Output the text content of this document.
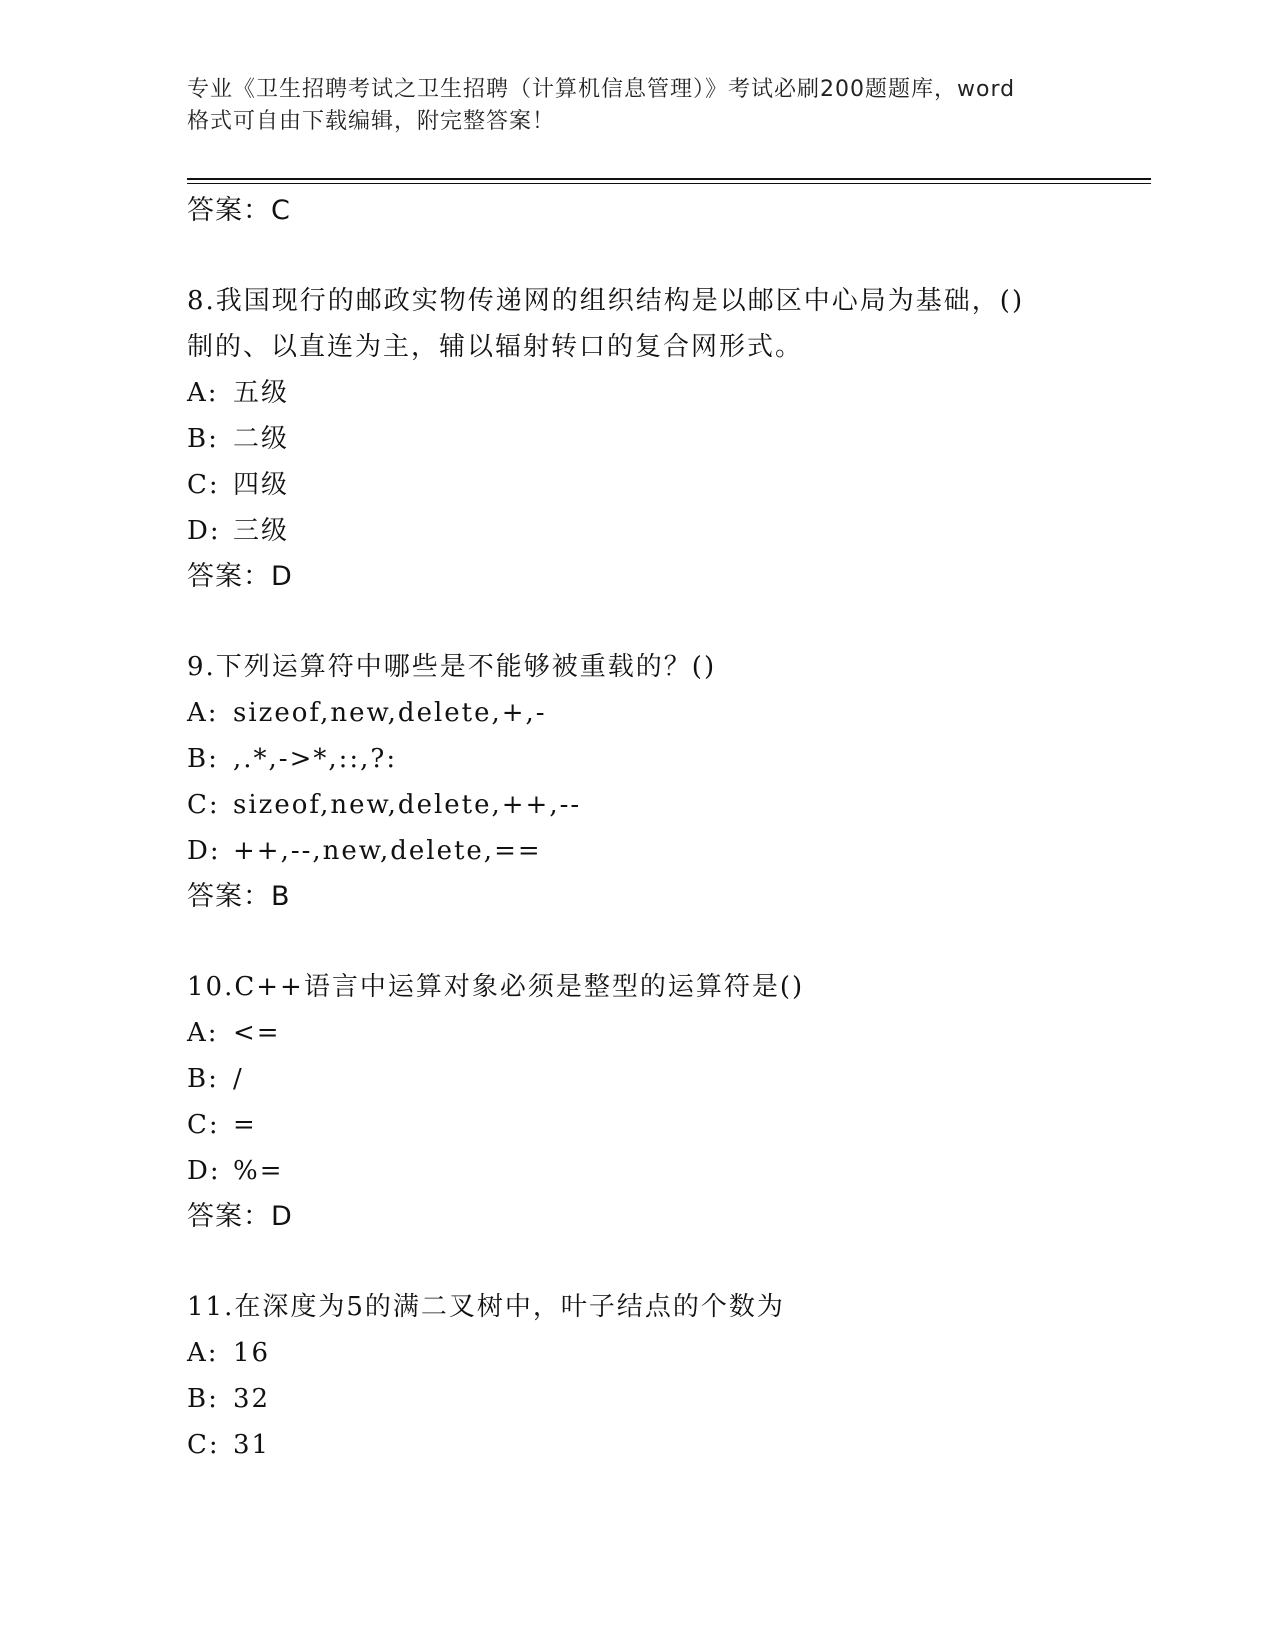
专业《卫生招聘考试之卫生招聘（计算机信息管理）》考试必刷200题题库，word
格式可自由下载编辑，附完整答案！
答案：C
8.我国现行的邮政实物传递网的组织结构是以邮区中心局为基础，()
制的、以直连为主，辅以辐射转口的复合网形式。
A: 五级
B: 二级
C: 四级
D: 三级
答案：D
9.下列运算符中哪些是不能够被重载的？()
A: sizeof,new,delete,+,-
B: ,.*,->*,::,?:
C: sizeof,new,delete,++,--
D: ++,--,new,delete,==
答案：B
10.C++语言中运算对象必须是整型的运算符是()
A: <=
B: /
C: =
D: %=
答案：D
11.在深度为5的满二叉树中，叶子结点的个数为
A: 16
B: 32
C: 31
